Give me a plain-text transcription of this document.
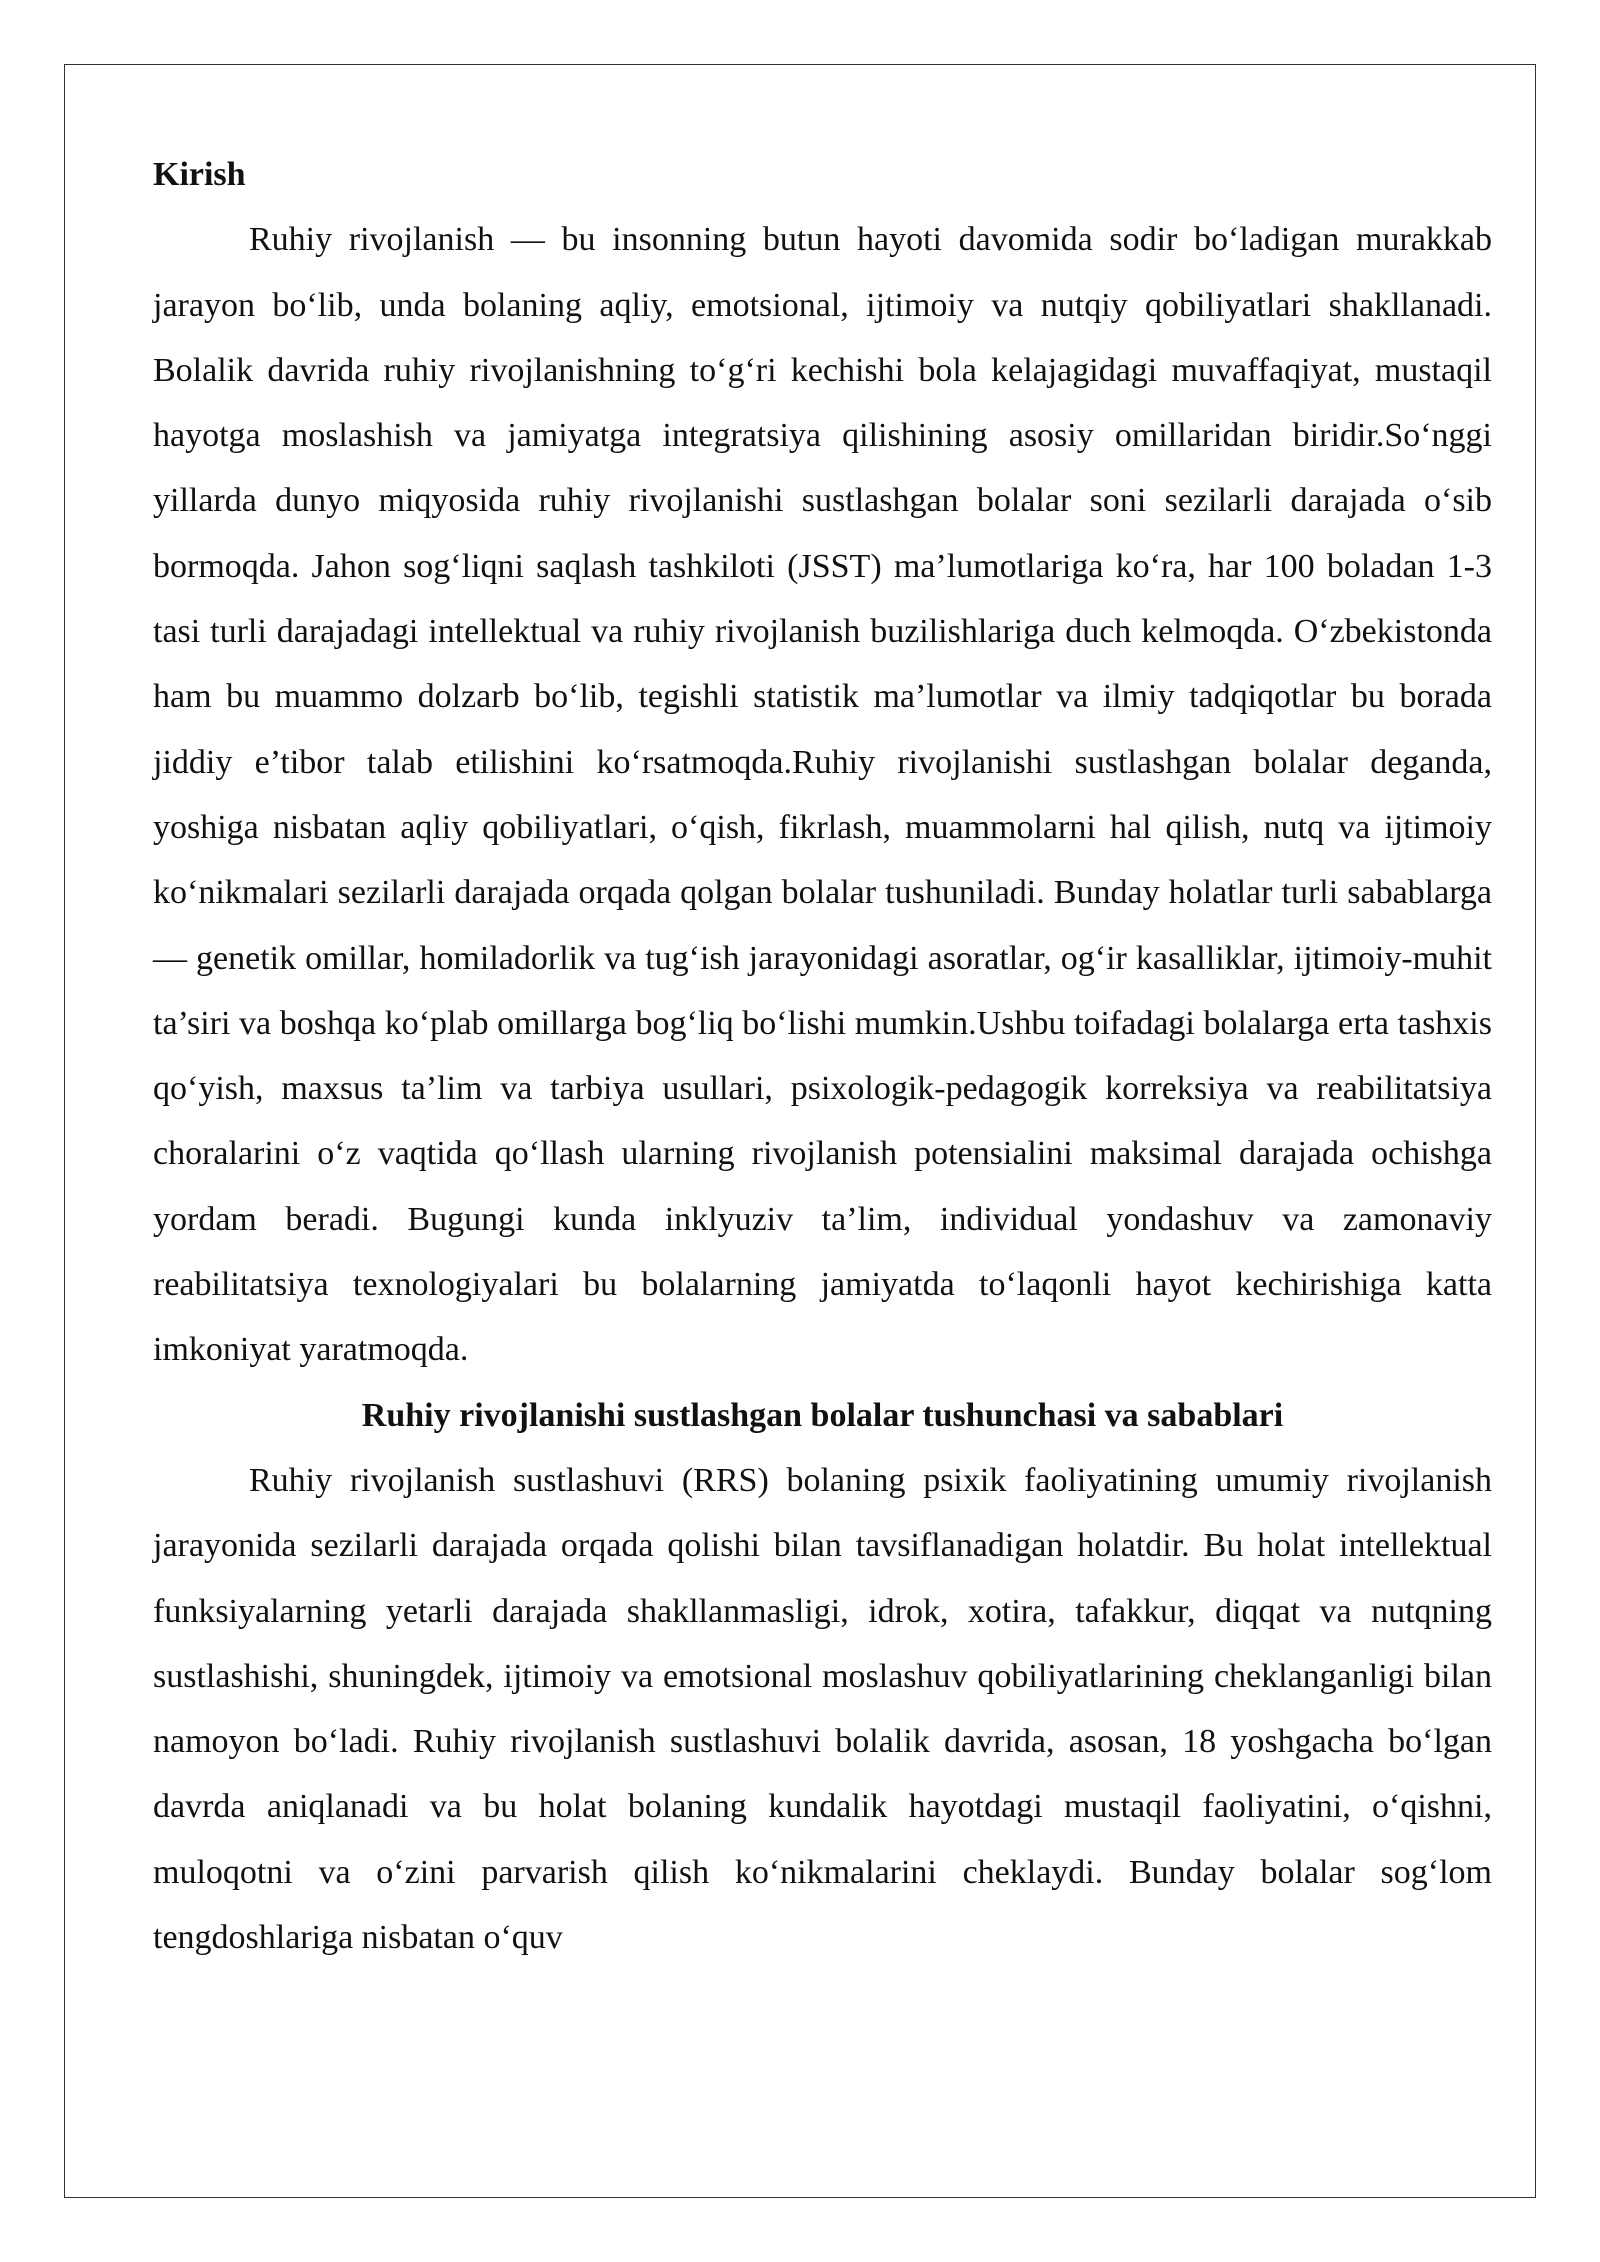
Kirish

Ruhiy rivojlanish — bu insonning butun hayoti davomida sodir bo‘ladigan murakkab jarayon bo‘lib, unda bolaning aqliy, emotsional, ijtimoiy va nutqiy qobiliyatlari shakllanadi. Bolalik davrida ruhiy rivojlanishning to‘g‘ri kechishi bola kelajagidagi muvaffaqiyat, mustaqil hayotga moslashish va jamiyatga integratsiya qilishining asosiy omillaridan biridir.So‘nggi yillarda dunyo miqyosida ruhiy rivojlanishi sustlashgan bolalar soni sezilarli darajada o‘sib bormoqda. Jahon sog‘liqni saqlash tashkiloti (JSST) ma’lumotlariga ko‘ra, har 100 boladan 1-3 tasi turli darajadagi intellektual va ruhiy rivojlanish buzilishlariga duch kelmoqda. O‘zbekistonda ham bu muammo dolzarb bo‘lib, tegishli statistik ma’lumotlar va ilmiy tadqiqotlar bu borada jiddiy e’tibor talab etilishini ko‘rsatmoqda.Ruhiy rivojlanishi sustlashgan bolalar deganda, yoshiga nisbatan aqliy qobiliyatlari, o‘qish, fikrlash, muammolarni hal qilish, nutq va ijtimoiy ko‘nikmalari sezilarli darajada orqada qolgan bolalar tushuniladi. Bunday holatlar turli sabablarga — genetik omillar, homiladorlik va tug‘ish jarayonidagi asoratlar, og‘ir kasalliklar, ijtimoiy-muhit ta’siri va boshqa ko‘plab omillarga bog‘liq bo‘lishi mumkin.Ushbu toifadagi bolalarga erta tashxis qo‘yish, maxsus ta’lim va tarbiya usullari, psixologik-pedagogik korreksiya va reabilitatsiya choralarini o‘z vaqtida qo‘llash ularning rivojlanish potensialini maksimal darajada ochishga yordam beradi. Bugungi kunda inklyuziv ta’lim, individual yondashuv va zamonaviy reabilitatsiya texnologiyalari bu bolalarning jamiyatda to‘laqonli hayot kechirishiga katta imkoniyat yaratmoqda.

Ruhiy rivojlanishi sustlashgan bolalar tushunchasi va sabablari

Ruhiy rivojlanish sustlashuvi (RRS) bolaning psixik faoliyatining umumiy rivojlanish jarayonida sezilarli darajada orqada qolishi bilan tavsiflanadigan holatdir. Bu holat intellektual funksiyalarning yetarli darajada shakllanmasligi, idrok, xotira, tafakkur, diqqat va nutqning sustlashishi, shuningdek, ijtimoiy va emotsional moslashuv qobiliyatlarining cheklanganligi bilan namoyon bo‘ladi. Ruhiy rivojlanish sustlashuvi bolalik davrida, asosan, 18 yoshgacha bo‘lgan davrda aniqlanadi va bu holat bolaning kundalik hayotdagi mustaqil faoliyatini, o‘qishni, muloqotni va o‘zini parvarish qilish ko‘nikmalarini cheklaydi. Bunday bolalar sog‘lom tengdoshlariga nisbatan o‘quv
